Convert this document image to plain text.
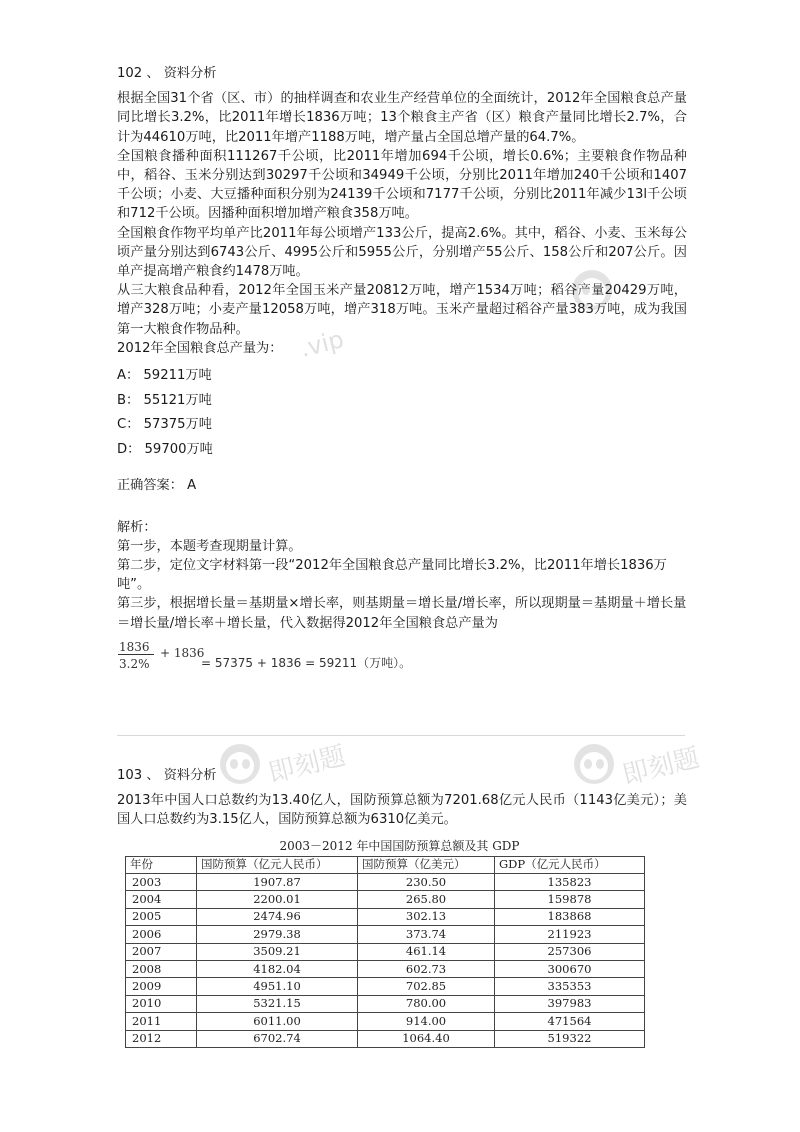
102 、 资料分析

根据全国31个省（区、市）的抽样调查和农业生产经营单位的全面统计，2012年全国粮食总产量同比增长3.2%，比2011年增长1836万吨；13个粮食主产省（区）粮食产量同比增长2.7%，合计为44610万吨，比2011年增产1188万吨，增产量占全国总增产量的64.7%。

全国粮食播种面积111267千公顷，比2011年增加694千公顷，增长0.6%；主要粮食作物品种中，稻谷、玉米分别达到30297千公顷和34949千公顷，分别比2011年增加240千公顷和1407千公顷；小麦、大豆播种面积分别为24139千公顷和7177千公顷，分别比2011年减少13l千公顷和712千公顷。因播种面积增加增产粮食358万吨。

全国粮食作物平均单产比2011年每公顷增产133公斤，提高2.6%。其中，稻谷、小麦、玉米每公顷产量分别达到6743公斤、4995公斤和5955公斤，分别增产55公斤、158公斤和207公斤。因单产提高增产粮食约1478万吨。

从三大粮食品种看，2012年全国玉米产量20812万吨，增产1534万吨；稻谷产量20429万吨，增产328万吨；小麦产量12058万吨，增产318万吨。玉米产量超过稻谷产量383万吨，成为我国第一大粮食作物品种。

2012年全国粮食总产量为：

A： 59211万吨
B： 55121万吨
C： 57375万吨
D： 59700万吨
正确答案： A
解析：
第一步，本题考查现期量计算。
第二步，定位文字材料第一段“2012年全国粮食总产量同比增长3.2%，比2011年增长1836万吨”。
第三步，根据增长量＝基期量×增长率，则基期量＝增长量/增长率，所以现期量＝基期量＋增长量＝增长量/增长率＋增长量，代入数据得2012年全国粮食总产量为
1836
3.2%
+ 1836
= 57375 + 1836 = 59211（万吨）。
103 、 资料分析

2013年中国人口总数约为13.40亿人，国防预算总额为7201.68亿元人民币（1143亿美元）；美国人口总数约为3.15亿人，国防预算总额为6310亿美元。

2003－2012 年中国国防预算总额及其 GDP
年份	国防预算（亿元人民币）	国防预算（亿美元）	GDP（亿元人民币）
2003	1907.87	230.50	135823
2004	2200.01	265.80	159878
2005	2474.96	302.13	183868
2006	2979.38	373.74	211923
2007	3509.21	461.14	257306
2008	4182.04	602.73	300670
2009	4951.10	702.85	335353
2010	5321.15	780.00	397983
2011	6011.00	914.00	471564
2012	6702.74	1064.40	519322
即刻题	即刻题
.vip
